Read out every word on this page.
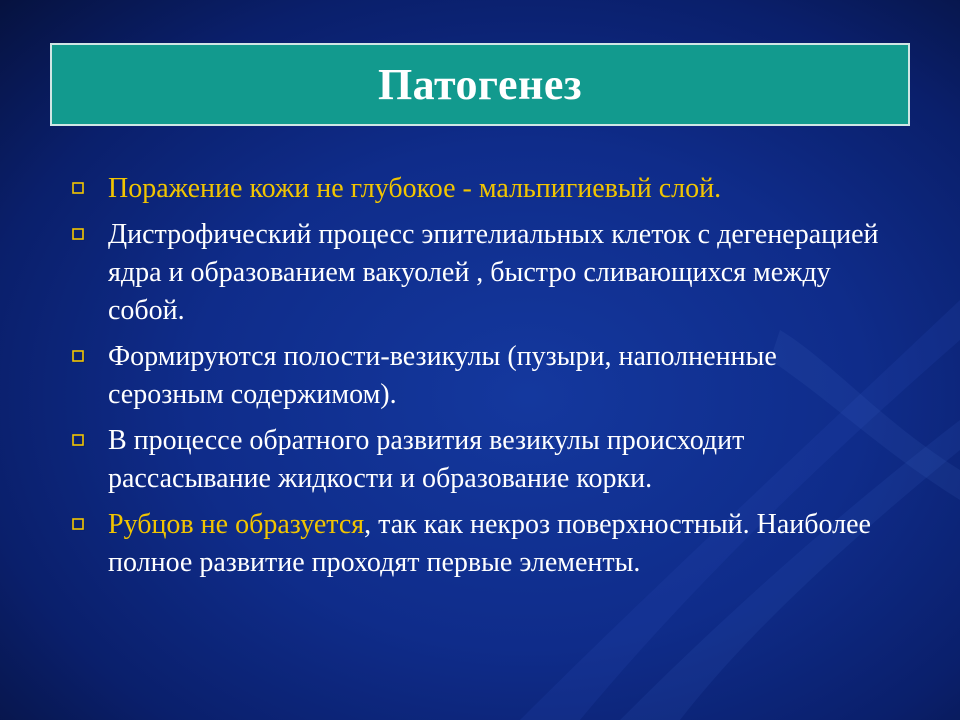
Патогенез
Поражение кожи не глубокое - мальпигиевый слой.
Дистрофический процесс эпителиальных клеток с дегенерацией ядра и образованием вакуолей , быстро сливающихся между собой.
Формируются полости-везикулы (пузыри, наполненные серозным содержимом).
В процессе обратного развития везикулы происходит рассасывание жидкости и образование корки.
Рубцов не образуется, так как некроз поверхностный. Наиболее полное развитие проходят первые элементы.
